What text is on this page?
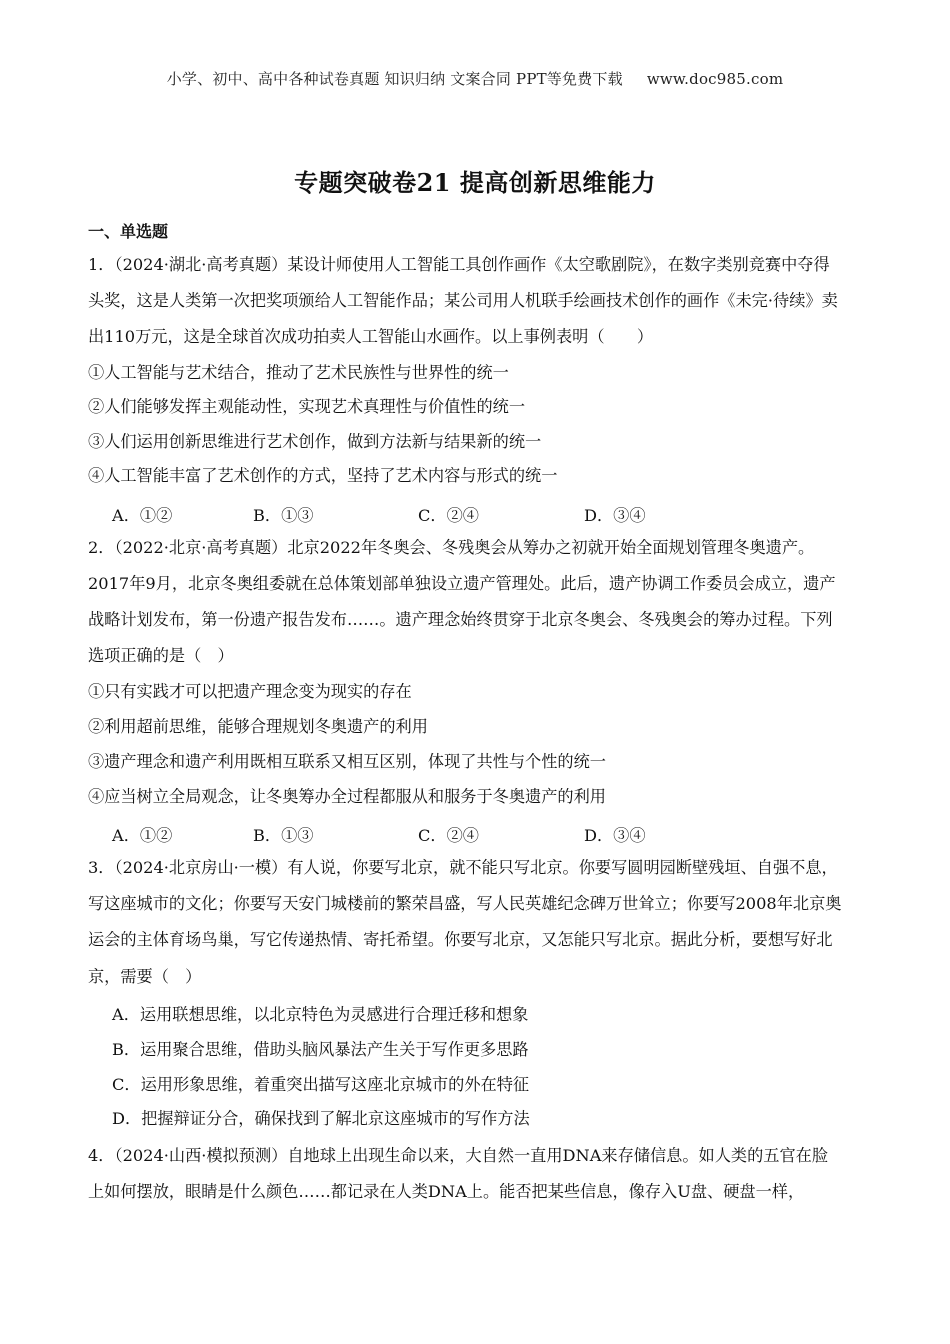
小学、初中、高中各种试卷真题 知识归纳 文案合同 PPT等免费下载 www.doc985.com
专题突破卷21 提高创新思维能力
一、单选题
1．（2024·湖北·高考真题）某设计师使用人工智能工具创作画作《太空歌剧院》，在数字类别竞赛中夺得
头奖，这是人类第一次把奖项颁给人工智能作品；某公司用人机联手绘画技术创作的画作《未完·待续》卖
出110万元，这是全球首次成功拍卖人工智能山水画作。以上事例表明（　　）
①人工智能与艺术结合，推动了艺术民族性与世界性的统一
②人们能够发挥主观能动性，实现艺术真理性与价值性的统一
③人们运用创新思维进行艺术创作，做到方法新与结果新的统一
④人工智能丰富了艺术创作的方式，坚持了艺术内容与形式的统一
A．①②	B．①③	C．②④	D．③④
2．（2022·北京·高考真题）北京2022年冬奥会、冬残奥会从筹办之初就开始全面规划管理冬奥遗产。
2017年9月，北京冬奥组委就在总体策划部单独设立遗产管理处。此后，遗产协调工作委员会成立，遗产
战略计划发布，第一份遗产报告发布……。遗产理念始终贯穿于北京冬奥会、冬残奥会的筹办过程。下列
选项正确的是（　）
①只有实践才可以把遗产理念变为现实的存在
②利用超前思维，能够合理规划冬奥遗产的利用
③遗产理念和遗产利用既相互联系又相互区别，体现了共性与个性的统一
④应当树立全局观念，让冬奥筹办全过程都服从和服务于冬奥遗产的利用
A．①②	B．①③	C．②④	D．③④
3．（2024·北京房山·一模）有人说，你要写北京，就不能只写北京。你要写圆明园断壁残垣、自强不息，
写这座城市的文化；你要写天安门城楼前的繁荣昌盛，写人民英雄纪念碑万世耸立；你要写2008年北京奥
运会的主体育场鸟巢，写它传递热情、寄托希望。你要写北京，又怎能只写北京。据此分析，要想写好北
京，需要（　）
A．运用联想思维，以北京特色为灵感进行合理迁移和想象
B．运用聚合思维，借助头脑风暴法产生关于写作更多思路
C．运用形象思维，着重突出描写这座北京城市的外在特征
D．把握辩证分合，确保找到了解北京这座城市的写作方法
4．（2024·山西·模拟预测）自地球上出现生命以来，大自然一直用DNA来存储信息。如人类的五官在脸
上如何摆放，眼睛是什么颜色……都记录在人类DNA上。能否把某些信息，像存入U盘、硬盘一样，
